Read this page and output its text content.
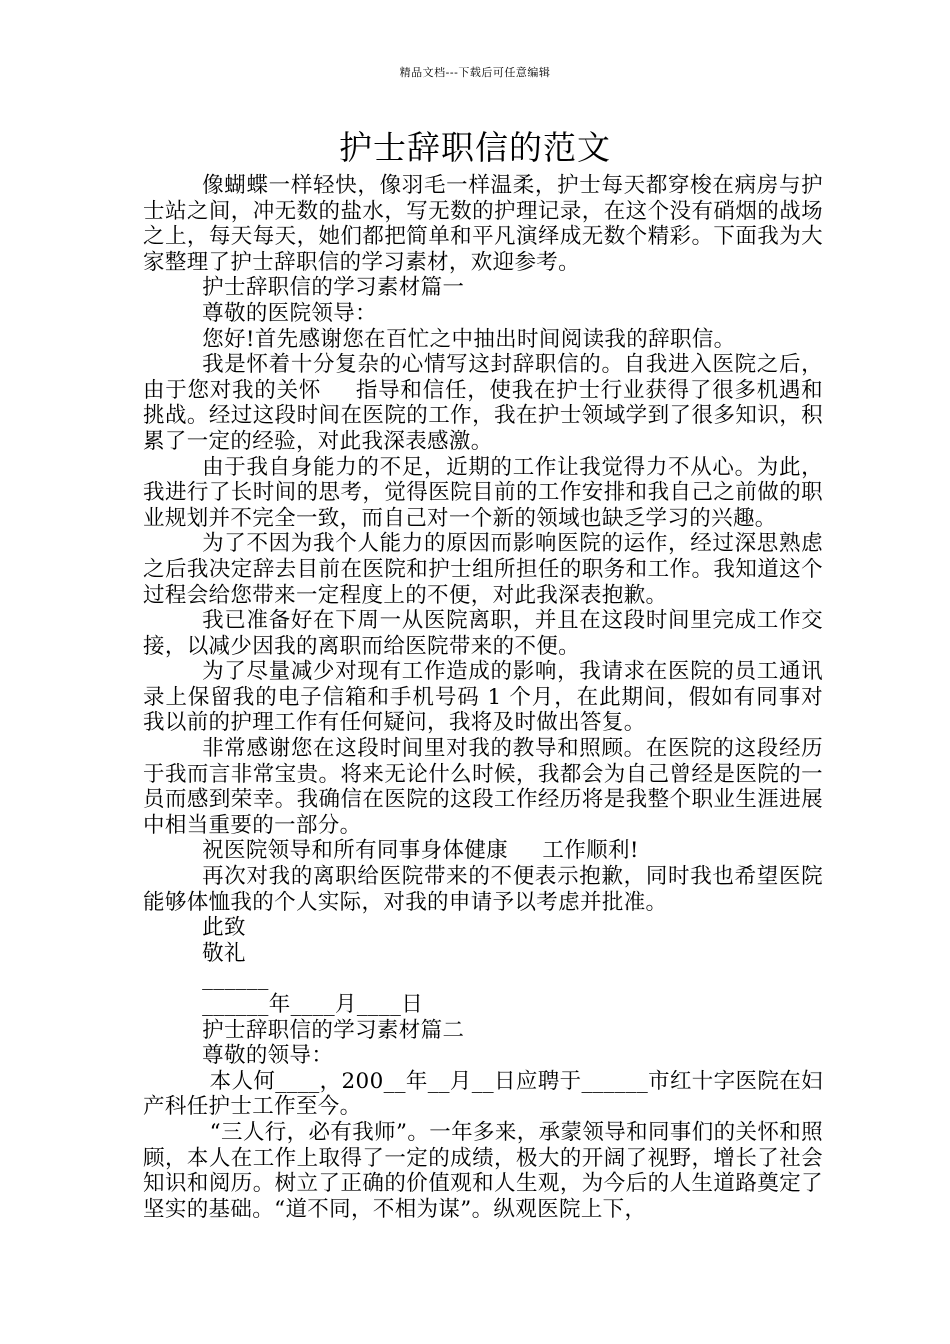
精品文档---下载后可任意编辑
护士辞职信的范文

像蝴蝶一样轻快，像羽毛一样温柔，护士每天都穿梭在病房与护士站之间，冲无数的盐水，写无数的护理记录，在这个没有硝烟的战场之上，每天每天，她们都把简单和平凡演绎成无数个精彩。下面我为大家整理了护士辞职信的学习素材，欢迎参考。

护士辞职信的学习素材篇一

尊敬的医院领导：

您好!首先感谢您在百忙之中抽出时间阅读我的辞职信。

我是怀着十分复杂的心情写这封辞职信的。自我进入医院之后，由于您对我的关怀 指导和信任，使我在护士行业获得了很多机遇和挑战。经过这段时间在医院的工作，我在护士领域学到了很多知识，积累了一定的经验，对此我深表感激。

由于我自身能力的不足，近期的工作让我觉得力不从心。为此，我进行了长时间的思考，觉得医院目前的工作安排和我自己之前做的职业规划并不完全一致，而自己对一个新的领域也缺乏学习的兴趣。

为了不因为我个人能力的原因而影响医院的运作，经过深思熟虑之后我决定辞去目前在医院和护士组所担任的职务和工作。我知道这个过程会给您带来一定程度上的不便，对此我深表抱歉。

我已准备好在下周一从医院离职，并且在这段时间里完成工作交接，以减少因我的离职而给医院带来的不便。

为了尽量减少对现有工作造成的影响，我请求在医院的员工通讯录上保留我的电子信箱和手机号码 1 个月，在此期间，假如有同事对我以前的护理工作有任何疑问，我将及时做出答复。

非常感谢您在这段时间里对我的教导和照顾。在医院的这段经历于我而言非常宝贵。将来无论什么时候，我都会为自己曾经是医院的一员而感到荣幸。我确信在医院的这段工作经历将是我整个职业生涯进展中相当重要的一部分。

祝医院领导和所有同事身体健康 工作顺利!

再次对我的离职给医院带来的不便表示抱歉，同时我也希望医院能够体恤我的个人实际，对我的申请予以考虑并批准。

此致

敬礼

______

______年____月____日

护士辞职信的学习素材篇二

尊敬的领导：

本人何____，200__年__月__日应聘于______市红十字医院在妇产科任护士工作至今。

“三人行，必有我师”。一年多来，承蒙领导和同事们的关怀和照顾，本人在工作上取得了一定的成绩，极大的开阔了视野，增长了社会知识和阅历。树立了正确的价值观和人生观，为今后的人生道路奠定了坚实的基础。“道不同，不相为谋”。纵观医院上下，
